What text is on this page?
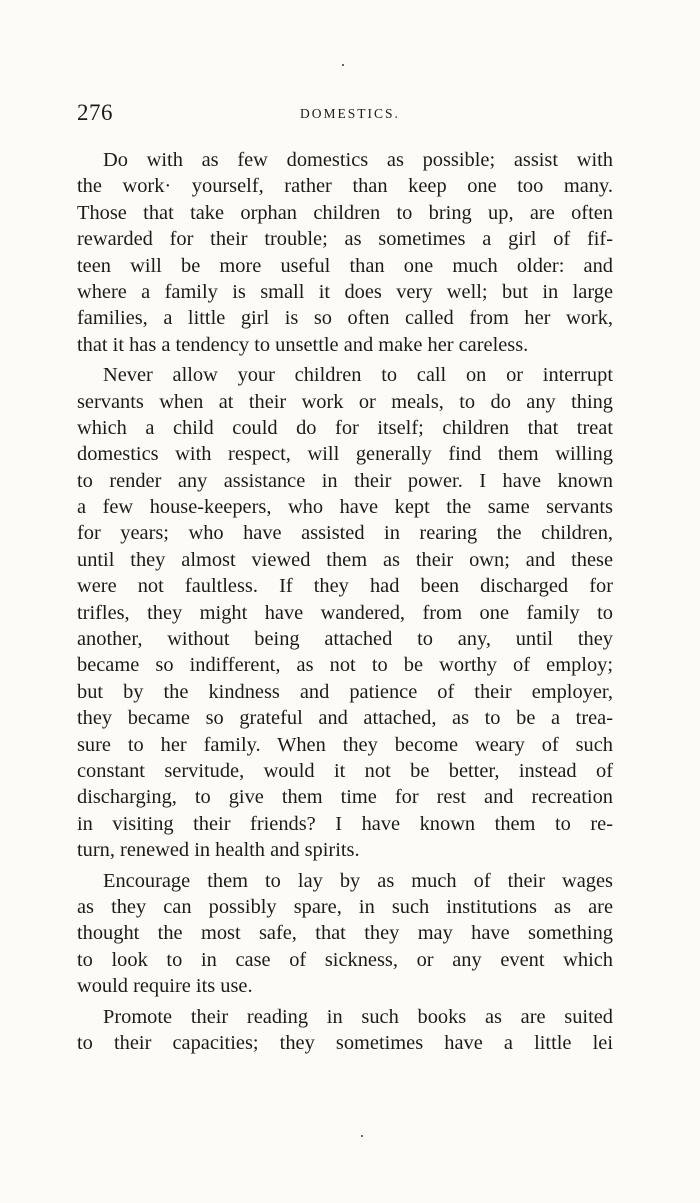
276	DOMESTICS.
Do with as few domestics as possible; assist with
the work· yourself, rather than keep one too many.
Those that take orphan children to bring up, are often
rewarded for their trouble; as sometimes a girl of fif-
teen will be more useful than one much older: and
where a family is small it does very well; but in large
families, a little girl is so often called from her work,
that it has a tendency to unsettle and make her careless.
Never allow your children to call on or interrupt
servants when at their work or meals, to do any thing
which a child could do for itself; children that treat
domestics with respect, will generally find them willing
to render any assistance in their power. I have known
a few house-keepers, who have kept the same servants
for years; who have assisted in rearing the children,
until they almost viewed them as their own; and these
were not faultless. If they had been discharged for
trifles, they might have wandered, from one family to
another, without being attached to any, until they
became so indifferent, as not to be worthy of employ;
but by the kindness and patience of their employer,
they became so grateful and attached, as to be a trea-
sure to her family. When they become weary of such
constant servitude, would it not be better, instead of
discharging, to give them time for rest and recreation
in visiting their friends? I have known them to re-
turn, renewed in health and spirits.
Encourage them to lay by as much of their wages
as they can possibly spare, in such institutions as are
thought the most safe, that they may have something
to look to in case of sickness, or any event which
would require its use.
Promote their reading in such books as are suited
to their capacities; they sometimes have a little lei
